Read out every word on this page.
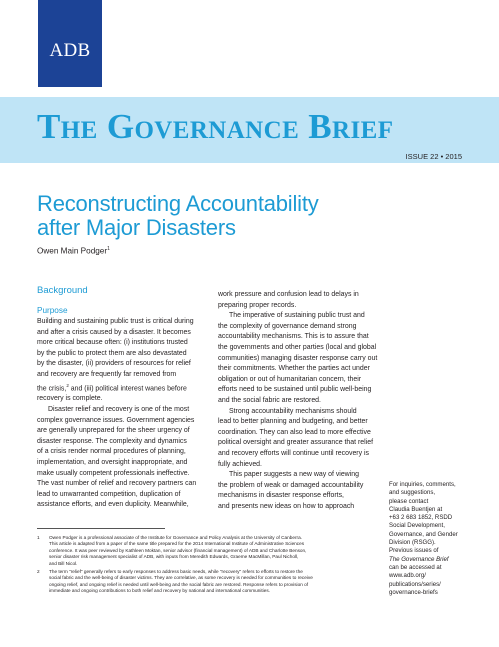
ADB
The Governance Brief
ISSUE 22 • 2015
Reconstructing Accountability
after Major Disasters
Owen Main Podger$^1$
Background
Purpose
Building and sustaining public trust is critical during
and after a crisis caused by a disaster. It becomes
more critical because often: (i) institutions trusted
by the public to protect them are also devastated
by the disaster, (ii) providers of resources for relief
and recovery are frequently far removed from
the crisis,$^2$ and (iii) political interest wanes before
recovery is complete.
Disaster relief and recovery is one of the most
complex governance issues. Government agencies
are generally unprepared for the sheer urgency of
disaster response. The complexity and dynamics
of a crisis render normal procedures of planning,
implementation, and oversight inappropriate, and
make usually competent professionals ineffective.
The vast number of relief and recovery partners can
lead to unwarranted competition, duplication of
assistance efforts, and even duplicity. Meanwhile,
work pressure and confusion lead to delays in
preparing proper records.
The imperative of sustaining public trust and
the complexity of governance demand strong
accountability mechanisms. This is to assure that
the governments and other parties (local and global
communities) managing disaster response carry out
their commitments. Whether the parties act under
obligation or out of humanitarian concern, their
efforts need to be sustained until public well-being
and the social fabric are restored.
Strong accountability mechanisms should
lead to better planning and budgeting, and better
coordination. They can also lead to more effective
political oversight and greater assurance that relief
and recovery efforts will continue until recovery is
fully achieved.
This paper suggests a new way of viewing
the problem of weak or damaged accountability
mechanisms in disaster response efforts,
and presents new ideas on how to approach
For inquiries, comments,
and suggestions,
please contact
Claudia Buentjen at
+63 2 683 1852, RSDD
Social Development,
Governance, and Gender
Division (RSGG).
Previous issues of
The Governance Brief
can be accessed at
www.adb.org/
publications/series/
governance-briefs
1 Owen Podger is a professional associate of the Institute for Governance and Policy Analysis at the University of Canberra.
This article is adapted from a paper of the same title prepared for the 2014 International Institute of Administrative Sciences
conference. It was peer reviewed by Kathleen Moktan, senior advisor (financial management) of ADB and Charlotte Benson,
senior disaster risk management specialist of ADB, with inputs from Meredith Edwards, Graeme MacMillan, Paul Nicholl,
and Bill Nicol.
2 The term "relief" generally refers to early responses to address basic needs, while "recovery" refers to efforts to restore the
social fabric and the well-being of disaster victims. They are correlative, as some recovery is needed for communities to receive
ongoing relief, and ongoing relief is needed until well-being and the social fabric are restored. Response refers to provision of
immediate and ongoing contributions to both relief and recovery by national and international communities.
